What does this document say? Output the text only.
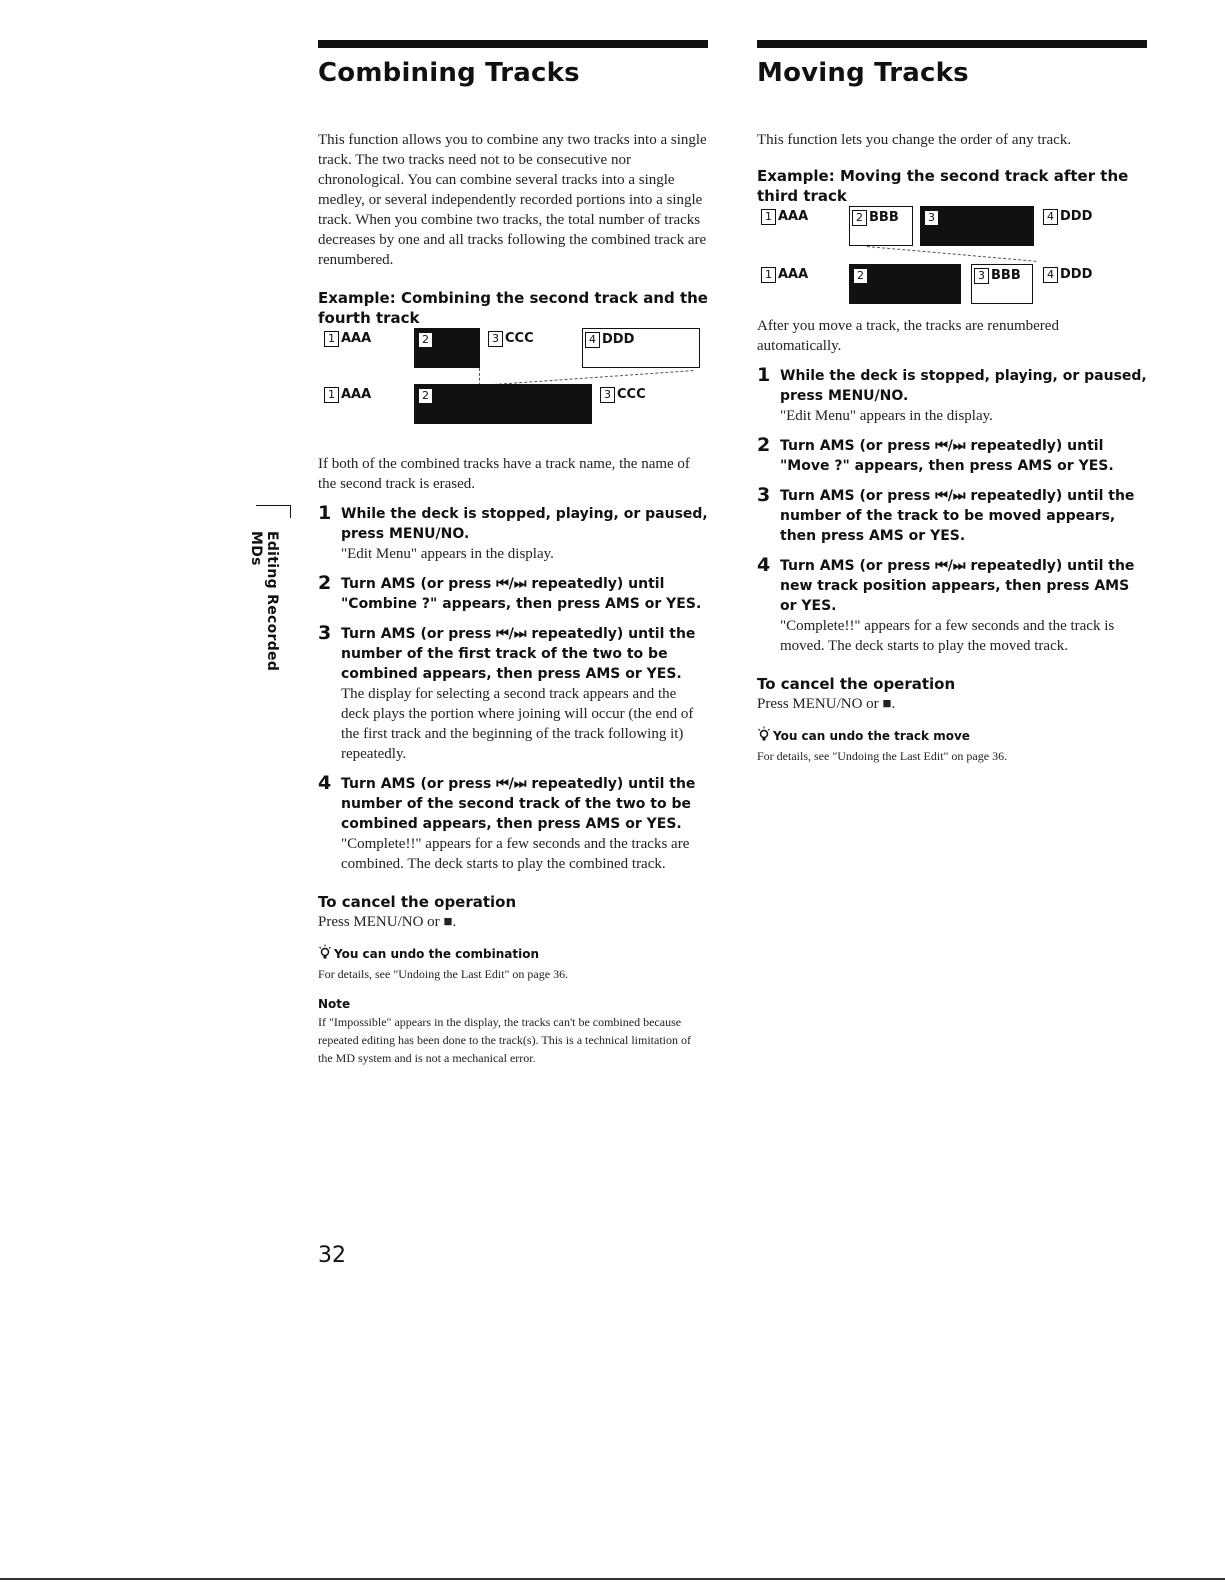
Combining Tracks

This function allows you to combine any two tracks into a single track. The two tracks need not to be consecutive nor chronological. You can combine several tracks into a single medley, or several independently recorded portions into a single track. When you combine two tracks, the total number of tracks decreases by one and all tracks following the combined track are renumbered.

Example: Combining the second track and the fourth track

1 AAA	2	3 CCC	4 DDD
1 AAA	2	3 CCC

If both of the combined tracks have a track name, the name of the second track is erased.

1 While the deck is stopped, playing, or paused, press MENU/NO.
"Edit Menu" appears in the display.
2 Turn AMS (or press ⏮/⏭ repeatedly) until "Combine ?" appears, then press AMS or YES.
3 Turn AMS (or press ⏮/⏭ repeatedly) until the number of the first track of the two to be combined appears, then press AMS or YES.
The display for selecting a second track appears and the deck plays the portion where joining will occur (the end of the first track and the beginning of the track following it) repeatedly.
4 Turn AMS (or press ⏮/⏭ repeatedly) until the number of the second track of the two to be combined appears, then press AMS or YES.
"Complete!!" appears for a few seconds and the tracks are combined. The deck starts to play the combined track.
To cancel the operation
Press MENU/NO or ■.
You can undo the combination
For details, see "Undoing the Last Edit" on page 36.
Note
If "Impossible" appears in the display, the tracks can't be combined because repeated editing has been done to the track(s). This is a technical limitation of the MD system and is not a mechanical error.
Moving Tracks

This function lets you change the order of any track.

Example: Moving the second track after the third track

1 AAA	2 BBB	3	4 DDD
1 AAA	2	3 BBB	4 DDD

After you move a track, the tracks are renumbered automatically.

1 While the deck is stopped, playing, or paused, press MENU/NO.
"Edit Menu" appears in the display.
2 Turn AMS (or press ⏮/⏭ repeatedly) until "Move ?" appears, then press AMS or YES.
3 Turn AMS (or press ⏮/⏭ repeatedly) until the number of the track to be moved appears, then press AMS or YES.
4 Turn AMS (or press ⏮/⏭ repeatedly) until the new track position appears, then press AMS or YES.
"Complete!!" appears for a few seconds and the track is moved. The deck starts to play the moved track.
To cancel the operation
Press MENU/NO or ■.
You can undo the track move
For details, see "Undoing the Last Edit" on page 36.
Editing Recorded MDs
32
